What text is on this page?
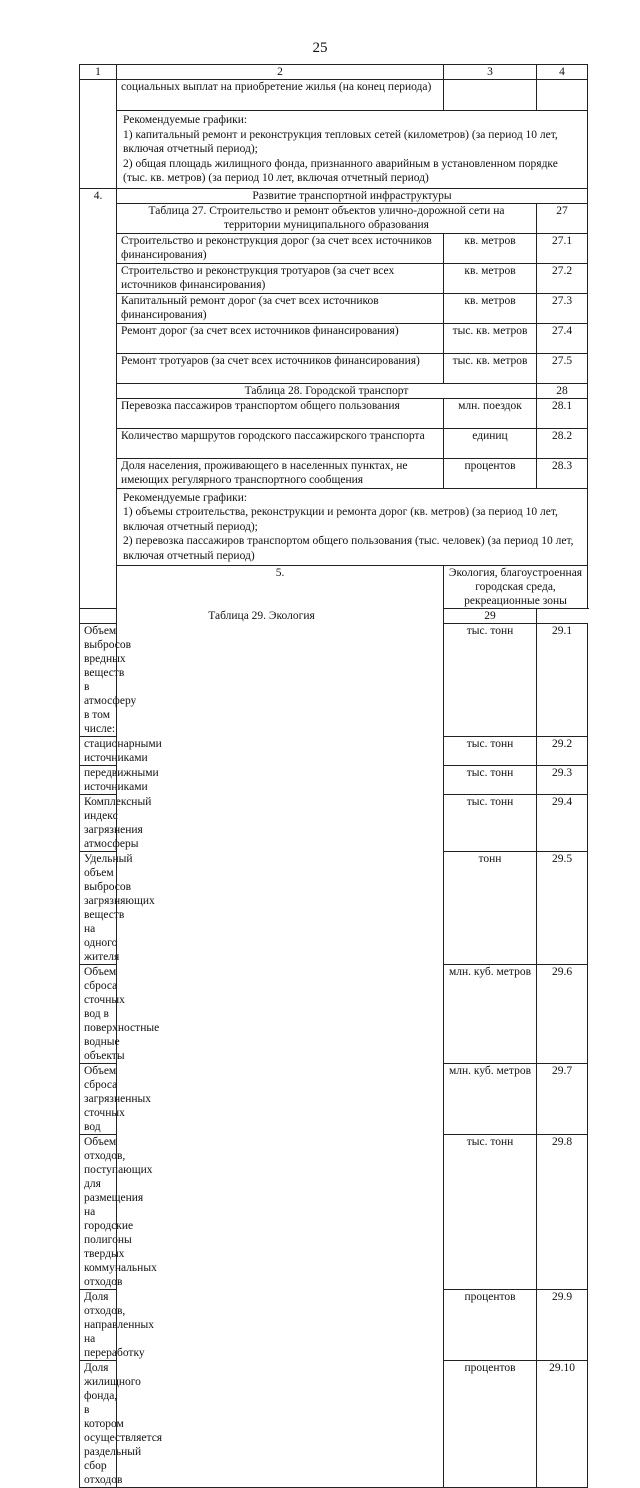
25
1	2	3	4
	социальных выплат на приобретение жилья (на конец периода)		

	Рекомендуемые графики:
1) капитальный ремонт и реконструкция тепловых сетей (километров) (за период 10 лет, включая отчетный период);
2) общая площадь жилищного фонда, признанного аварийным в установленном порядке (тыс. кв. метров) (за период 10 лет, включая отчетный период)		

4.	Развитие транспортной инфраструктуры		
	Таблица 27. Строительство и ремонт объектов улично-дорожной сети на территории муниципального образования		27
	Строительство и реконструкция дорог (за счет всех источников финансирования)	кв. метров	27.1
	Строительство и реконструкция тротуаров (за счет всех источников финансирования)	кв. метров	27.2
	Капитальный ремонт дорог (за счет всех источников финансирования)	кв. метров	27.3
	Ремонт дорог (за счет всех источников финансирования)	тыс. кв. метров	27.4
	Ремонт тротуаров (за счет всех источников финансирования)	тыс. кв. метров	27.5
	Таблица 28. Городской транспорт		28
	Перевозка пассажиров транспортом общего пользования	млн. поездок	28.1
	Количество маршрутов городского пассажирского транспорта	единиц	28.2
	Доля населения, проживающего в населенных пунктах, не имеющих регулярного транспортного сообщения	процентов	28.3

	Рекомендуемые графики:
1) объемы строительства, реконструкции и ремонта дорог (кв. метров) (за период 10 лет, включая отчетный период);
2) перевозка пассажиров транспортом общего пользования (тыс. человек) (за период 10 лет, включая отчетный период)		

	5.	Экология, благоустроенная городская среда, рекреационные зоны	
Таблица 29. Экология		29	
Объем выбросов вредных веществ в атмосферу в том числе:		тыс. тонн	29.1
стационарными источниками		тыс. тонн	29.2
передвижными источниками		тыс. тонн	29.3
Комплексный индекс загрязнения атмосферы		тыс. тонн	29.4
Удельный объем выбросов загрязняющих веществ на одного жителя		тонн	29.5
Объем сброса сточных вод в поверхностные водные объекты		млн. куб. метров	29.6
Объем сброса загрязненных сточных вод		млн. куб. метров	29.7
Объем отходов, поступающих для размещения на городские полигоны твердых коммунальных отходов		тыс. тонн	29.8
Доля отходов, направленных на переработку		процентов	29.9
Доля жилищного фонда, в котором осуществляется раздельный сбор отходов		процентов	29.10
